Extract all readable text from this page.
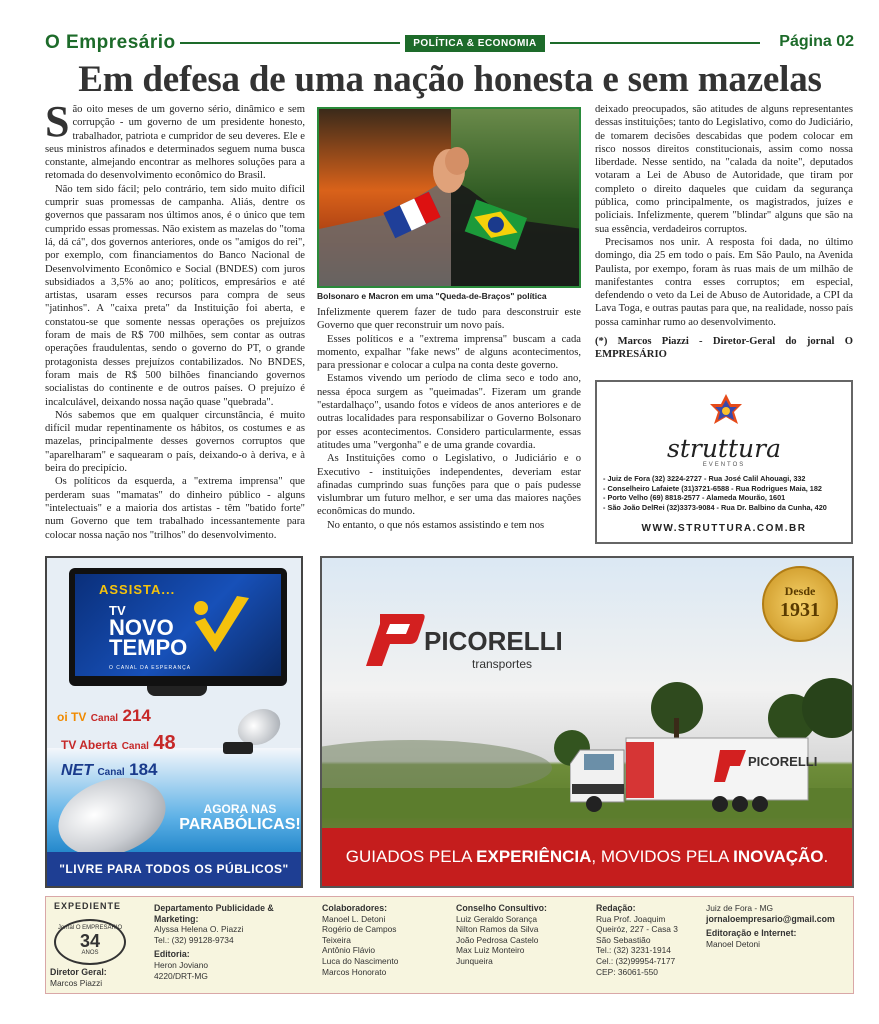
O Empresário	POLÍTICA & ECONOMIA	Página 02
Em defesa de uma nação honesta e sem mazelas

São oito meses de um governo sério, dinâmico e sem corrupção - um governo de um presidente honesto, trabalhador, patriota e cumpridor de seu deveres. Ele e seus ministros afinados e determinados seguem numa busca constante, almejando encontrar as melhores soluções para a retomada do desenvolvimento econômico do Brasil.

Não tem sido fácil; pelo contrário, tem sido muito difícil cumprir suas promessas de campanha. Aliás, dentre os governos que passaram nos últimos anos, é o único que tem cumprido essas promessas. Não existem as mazelas do "toma lá, dá cá", dos governos anteriores, onde os "amigos do rei", por exemplo, com financiamentos do Banco Nacional de Desenvolvimento Econômico e Social (BNDES) com juros subsidiados a 3,5% ao ano; políticos, empresários e até artistas, usaram esses recursos para compra de seus "jatinhos". A "caixa preta" da Instituição foi aberta, e constatou-se que somente nessas operações os prejuízos foram de mais de R$ 700 milhões, sem contar as outras operações fraudulentas, sendo o governo do PT, o grande protagonista desses prejuízos contabilizados. No BNDES, foram mais de R$ 500 bilhões financiando governos socialistas do continente e de outros países. O prejuízo é incalculável, deixando nossa nação quase "quebrada".

Nós sabemos que em qualquer circunstância, é muito difícil mudar repentinamente os hábitos, os costumes e as mazelas, principalmente desses governos corruptos que "aparelharam" e saquearam o país, deixando-o à deriva, e à beira do precipício.

Os políticos da esquerda, a "extrema imprensa" que perderam suas "mamatas" do dinheiro público - alguns "intelectuais" e a maioria dos artistas - têm "batido forte" num Governo que tem trabalhado incessantemente para colocar nossa nação nos "trilhos" do desenvolvimento.

Bolsonaro e Macron em uma "Queda-de-Braços" política

Infelizmente querem fazer de tudo para desconstruir este Governo que quer reconstruir um novo país.

Esses políticos e a "extrema imprensa" buscam a cada momento, expalhar "fake news" de alguns acontecimentos, para pressionar e colocar a culpa na conta deste governo.

Estamos vivendo um período de clima seco e todo ano, nessa época surgem as "queimadas". Fizeram um grande "estardalhaço", usando fotos e vídeos de anos anteriores e de outras localidades para responsabilizar o Governo Bolsonaro por esses acontecimentos. Considero particularmente, essas atitudes uma "vergonha" e de uma grande covardia.

As Instituições como o Legislativo, o Judiciário e o Executivo - instituições independentes, deveriam estar afinadas cumprindo suas funções para que o país pudesse vislumbrar um futuro melhor, e ser uma das maiores nações econômicas do mundo.

No entanto, o que nós estamos assistindo e tem nos

deixado preocupados, são atitudes de alguns representantes dessas instituições; tanto do Legislativo, como do Judiciário, de tomarem decisões descabidas que podem colocar em risco nossos direitos constitucionais, assim como nossa liberdade. Nesse sentido, na "calada da noite", deputados votaram a Lei de Abuso de Autoridade, que tiram por completo o direito daqueles que cuidam da segurança pública, como principalmente, os magistrados, juízes e policiais. Infelizmente, querem "blindar" alguns que são na sua essência, verdadeiros corruptos.

Precisamos nos unir. A resposta foi dada, no último domingo, dia 25 em todo o país. Em São Paulo, na Avenida Paulista, por exempo, foram às ruas mais de um milhão de manifestantes contra esses corruptos; em especial, defendendo o veto da Lei de Abuso de Autoridade, a CPI da Lava Toga, e outras pautas para que, na realidade, nosso país possa caminhar rumo ao desenvolvimento.

(*) Marcos Piazzi - Diretor-Geral do jornal O EMPRESÁRIO

struttura
EVENTOS
- Juiz de Fora (32) 3224-2727 - Rua José Calil Ahouagi, 332
- Conselheiro Lafaiete (31)3721-6588 - Rua Rodrigues Maia, 182
- Porto Velho (69) 8818-2577 - Alameda Mourão, 1601
- São João DelRei (32)3373-9084 - Rua Dr. Balbino da Cunha, 420
WWW.STRUTTURA.COM.BR
ASSISTA...
TV
NOVO
TEMPO
O CANAL DA ESPERANÇA
oi TV Canal 214
TV Aberta Canal 48
NET Canal 184
AGORA NAS
PARABÓLICAS!
"LIVRE PARA TODOS OS PÚBLICOS"
PICORELLI
transportes
Desde
1931
PICORELLI
GUIADOS PELA EXPERIÊNCIA, MOVIDOS PELA INOVAÇÃO.
EXPEDIENTE
Jornal O EMPRESÁRIO
34
ANOS
Diretor Geral:
Marcos Piazzi
Departamento Publicidade & Marketing:
Alyssa Helena O. Piazzi
Tel.: (32) 99128-9734
Editoria:
Heron Joviano
4220/DRT-MG
Colaboradores:
Manoel L. Detoni
Rogério de Campos
Teixeira
Antônio Flávio
Luca do Nascimento
Marcos Honorato
Conselho Consultivo:
Luiz Geraldo Sorança
Nilton Ramos da Silva
João Pedrosa Castelo
Max Luiz Monteiro
Junqueira
Redação:
Rua Prof. Joaquim
Queiróz, 227 - Casa 3
São Sebastião
Tel.: (32) 3231-1914
Cel.: (32)99954-7177
CEP: 36061-550
Juiz de Fora - MG
jornaloempresario@gmail.com
Editoração e Internet:
Manoel Detoni
